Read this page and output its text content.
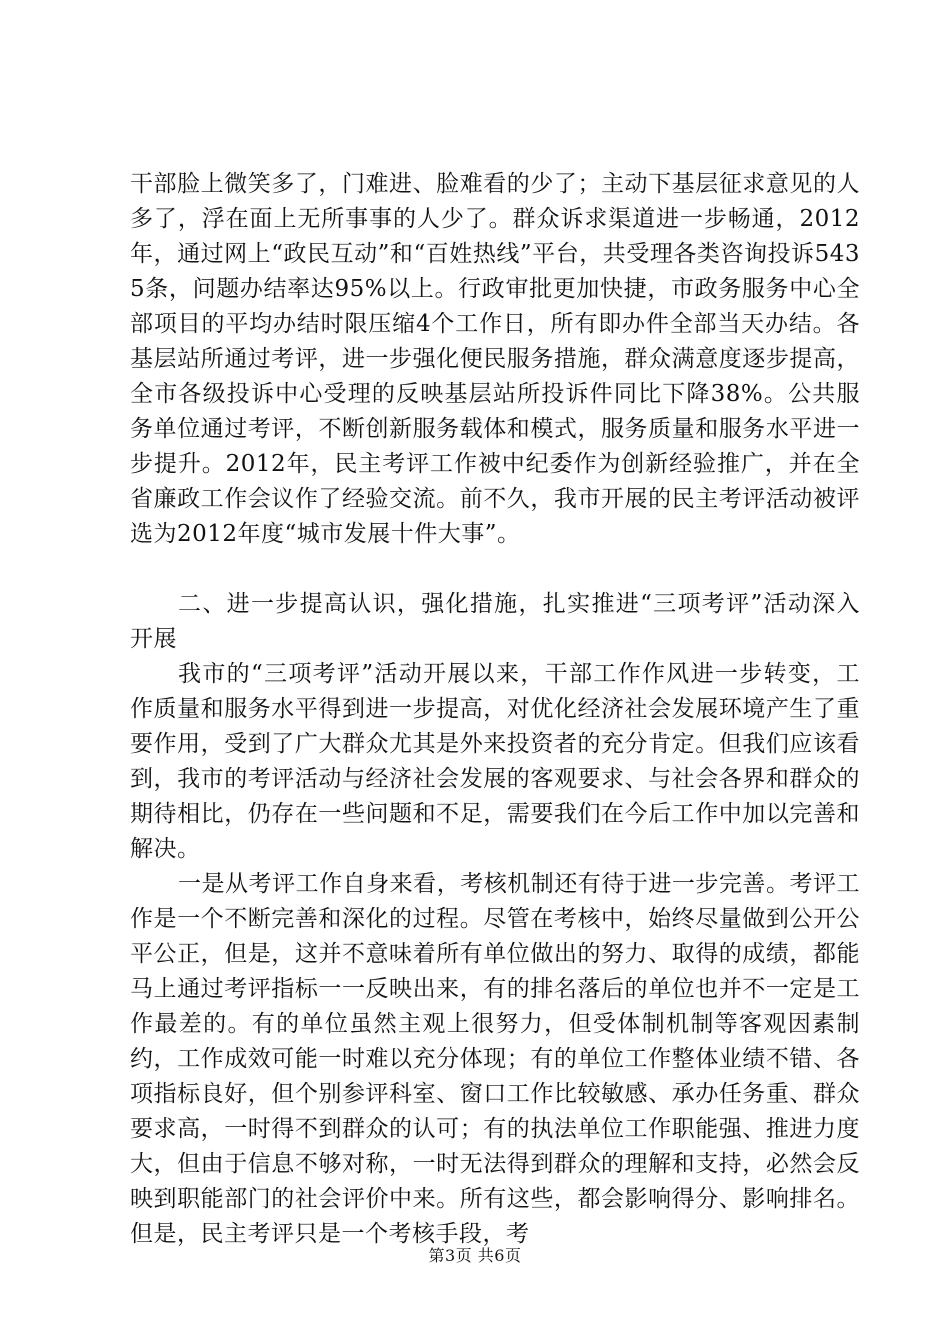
干部脸上微笑多了，门难进、脸难看的少了；主动下基层征求意见的人多了，浮在面上无所事事的人少了。群众诉求渠道进一步畅通，2012年，通过网上“政民互动”和“百姓热线”平台，共受理各类咨询投诉5435条，问题办结率达95%以上。行政审批更加快捷，市政务服务中心全部项目的平均办结时限压缩4个工作日，所有即办件全部当天办结。各基层站所通过考评，进一步强化便民服务措施，群众满意度逐步提高，全市各级投诉中心受理的反映基层站所投诉件同比下降38%。公共服务单位通过考评，不断创新服务载体和模式，服务质量和服务水平进一步提升。2012年，民主考评工作被中纪委作为创新经验推广，并在全省廉政工作会议作了经验交流。前不久，我市开展的民主考评活动被评选为2012年度“城市发展十件大事”。

二、进一步提高认识，强化措施，扎实推进“三项考评”活动深入开展

我市的“三项考评”活动开展以来，干部工作作风进一步转变，工作质量和服务水平得到进一步提高，对优化经济社会发展环境产生了重要作用，受到了广大群众尤其是外来投资者的充分肯定。但我们应该看到，我市的考评活动与经济社会发展的客观要求、与社会各界和群众的期待相比，仍存在一些问题和不足，需要我们在今后工作中加以完善和解决。

一是从考评工作自身来看，考核机制还有待于进一步完善。考评工作是一个不断完善和深化的过程。尽管在考核中，始终尽量做到公开公平公正，但是，这并不意味着所有单位做出的努力、取得的成绩，都能马上通过考评指标一一反映出来，有的排名落后的单位也并不一定是工作最差的。有的单位虽然主观上很努力，但受体制机制等客观因素制约，工作成效可能一时难以充分体现；有的单位工作整体业绩不错、各项指标良好，但个别参评科室、窗口工作比较敏感、承办任务重、群众要求高，一时得不到群众的认可；有的执法单位工作职能强、推进力度大，但由于信息不够对称，一时无法得到群众的理解和支持，必然会反映到职能部门的社会评价中来。所有这些，都会影响得分、影响排名。但是，民主考评只是一个考核手段，考

第3页 共6页
